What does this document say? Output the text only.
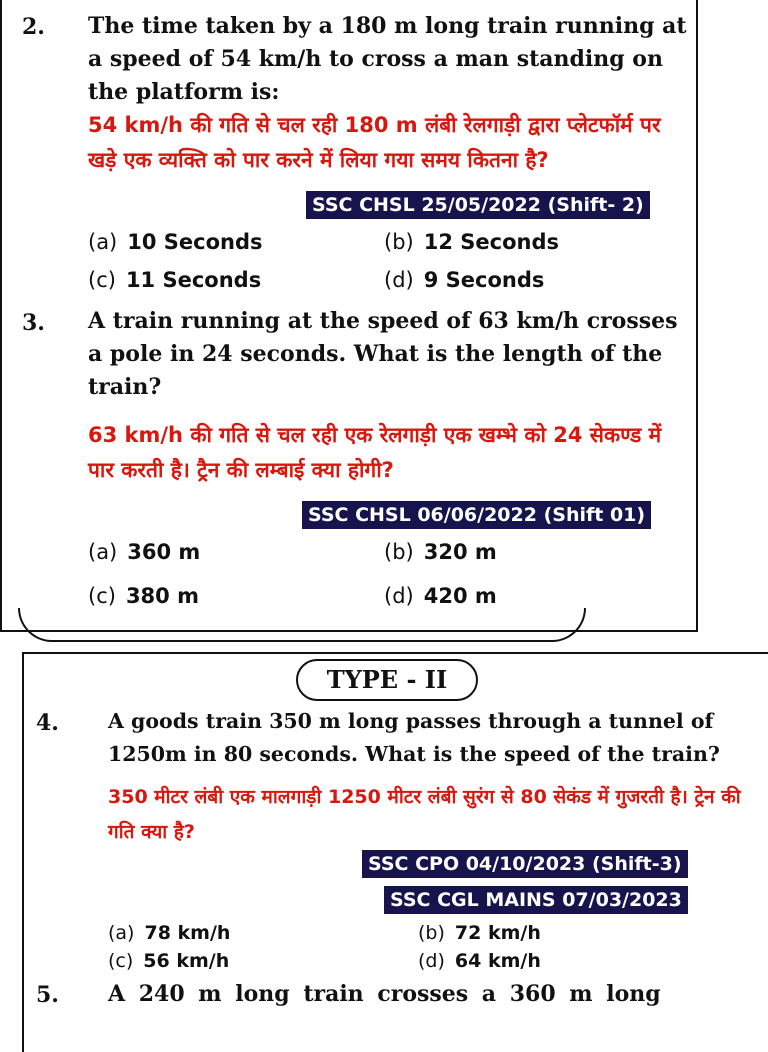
2. The time taken by a 180 m long train running at a speed of 54 km/h to cross a man standing on the platform is:
54 km/h की गति से चल रही 180 m लंबी रेलगाड़ी द्वारा प्लेटफॉर्म पर खड़े एक व्यक्ति को पार करने में लिया गया समय कितना है?
SSC CHSL 25/05/2022 (Shift- 2)
(a) 10 Seconds	(b) 12 Seconds
(c) 11 Seconds	(d) 9 Seconds
3. A train running at the speed of 63 km/h crosses a pole in 24 seconds. What is the length of the train?
63 km/h की गति से चल रही एक रेलगाड़ी एक खम्भे को 24 सेकण्ड में पार करती है। ट्रैन की लम्बाई क्या होगी?
SSC CHSL 06/06/2022 (Shift 01)
(a) 360 m	(b) 320 m
(c) 380 m	(d) 420 m
TYPE - II
4. A goods train 350 m long passes through a tunnel of 1250m in 80 seconds. What is the speed of the train?
350 मीटर लंबी एक मालगाड़ी 1250 मीटर लंबी सुरंग से 80 सेकंड में गुजरती है। ट्रेन की गति क्या है?
SSC CPO 04/10/2023 (Shift-3)
SSC CGL MAINS 07/03/2023
(a) 78 km/h	(b) 72 km/h
(c) 56 km/h	(d) 64 km/h
5. A 240 m long train crosses a 360 m long
